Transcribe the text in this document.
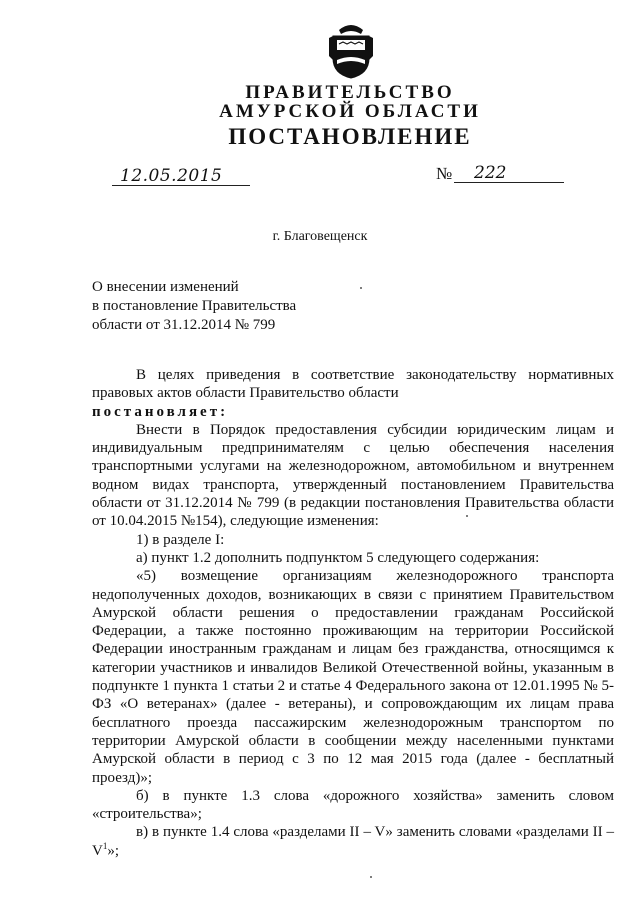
ПРАВИТЕЛЬСТВО
АМУРСКОЙ ОБЛАСТИ
ПОСТАНОВЛЕНИЕ
12.05.2015	№ 222
г. Благовещенск
О внесении изменений
в постановление Правительства
области от 31.12.2014 № 799

В целях приведения в соответствие законодательству нормативных правовых актов области Правительство области

постановляет:

Внести в Порядок предоставления субсидии юридическим лицам и индивидуальным предпринимателям с целью обеспечения населения транспортными услугами на железнодорожном, автомобильном и внутреннем водном видах транспорта, утвержденный постановлением Правительства области от 31.12.2014 № 799 (в редакции постановления Правительства области от 10.04.2015 №154), следующие изменения:

1) в разделе I:

а) пункт 1.2 дополнить подпунктом 5 следующего содержания:

«5) возмещение организациям железнодорожного транспорта недополученных доходов, возникающих в связи с принятием Правительством Амурской области решения о предоставлении гражданам Российской Федерации, а также постоянно проживающим на территории Российской Федерации иностранным гражданам и лицам без гражданства, относящимся к категории участников и инвалидов Великой Отечественной войны, указанным в подпункте 1 пункта 1 статьи 2 и статье 4 Федерального закона от 12.01.1995 № 5-ФЗ «О ветеранах» (далее - ветераны), и сопровождающим их лицам права бесплатного проезда пассажирским железнодорожным транспортом по территории Амурской области в сообщении между населенными пунктами Амурской области в период с 3 по 12 мая 2015 года (далее - бесплатный проезд)»;

б) в пункте 1.3 слова «дорожного хозяйства» заменить словом «строительства»;

в) в пункте 1.4 слова «разделами II – V» заменить словами «разделами II – $V^1$»;
